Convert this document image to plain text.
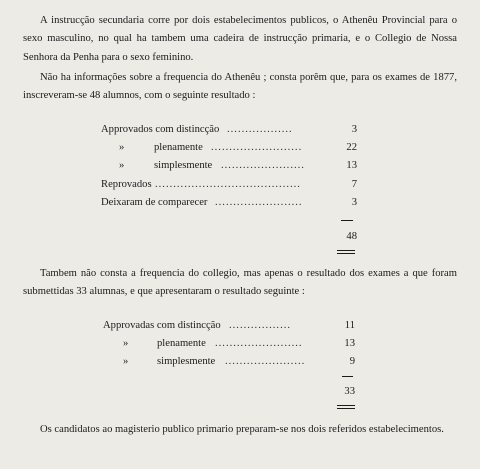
A instrucção secundaria corre por dois estabelecimentos publicos, o Athenêu Provincial para o sexo masculino, no qual ha tambem uma cadeira de instrucção primaria, e o Collegio de Nossa Senhora da Penha para o sexo feminino.

Não ha informações sobre a frequencia do Athenêu ; consta porêm que, para os exames de 1877, inscreveram-se 48 alumnos, com o seguinte resultado :

Approvados com distincção ..................	3
»	plenamente .........................	22
»	simplesmente .......................	13
Reprovados ........................................	7
Deixaram de comparecer ........................	3
48

Tambem não consta a frequencia do collegio, mas apenas o resultado dos exames a que foram submettidas 33 alumnas, e que apresentaram o resultado seguinte :

Approvadas com distincção .................	11
»	plenamente ........................	13
»	simplesmente ......................	9
33

Os candidatos ao magisterio publico primario preparam-se nos dois referidos estabelecimentos.
